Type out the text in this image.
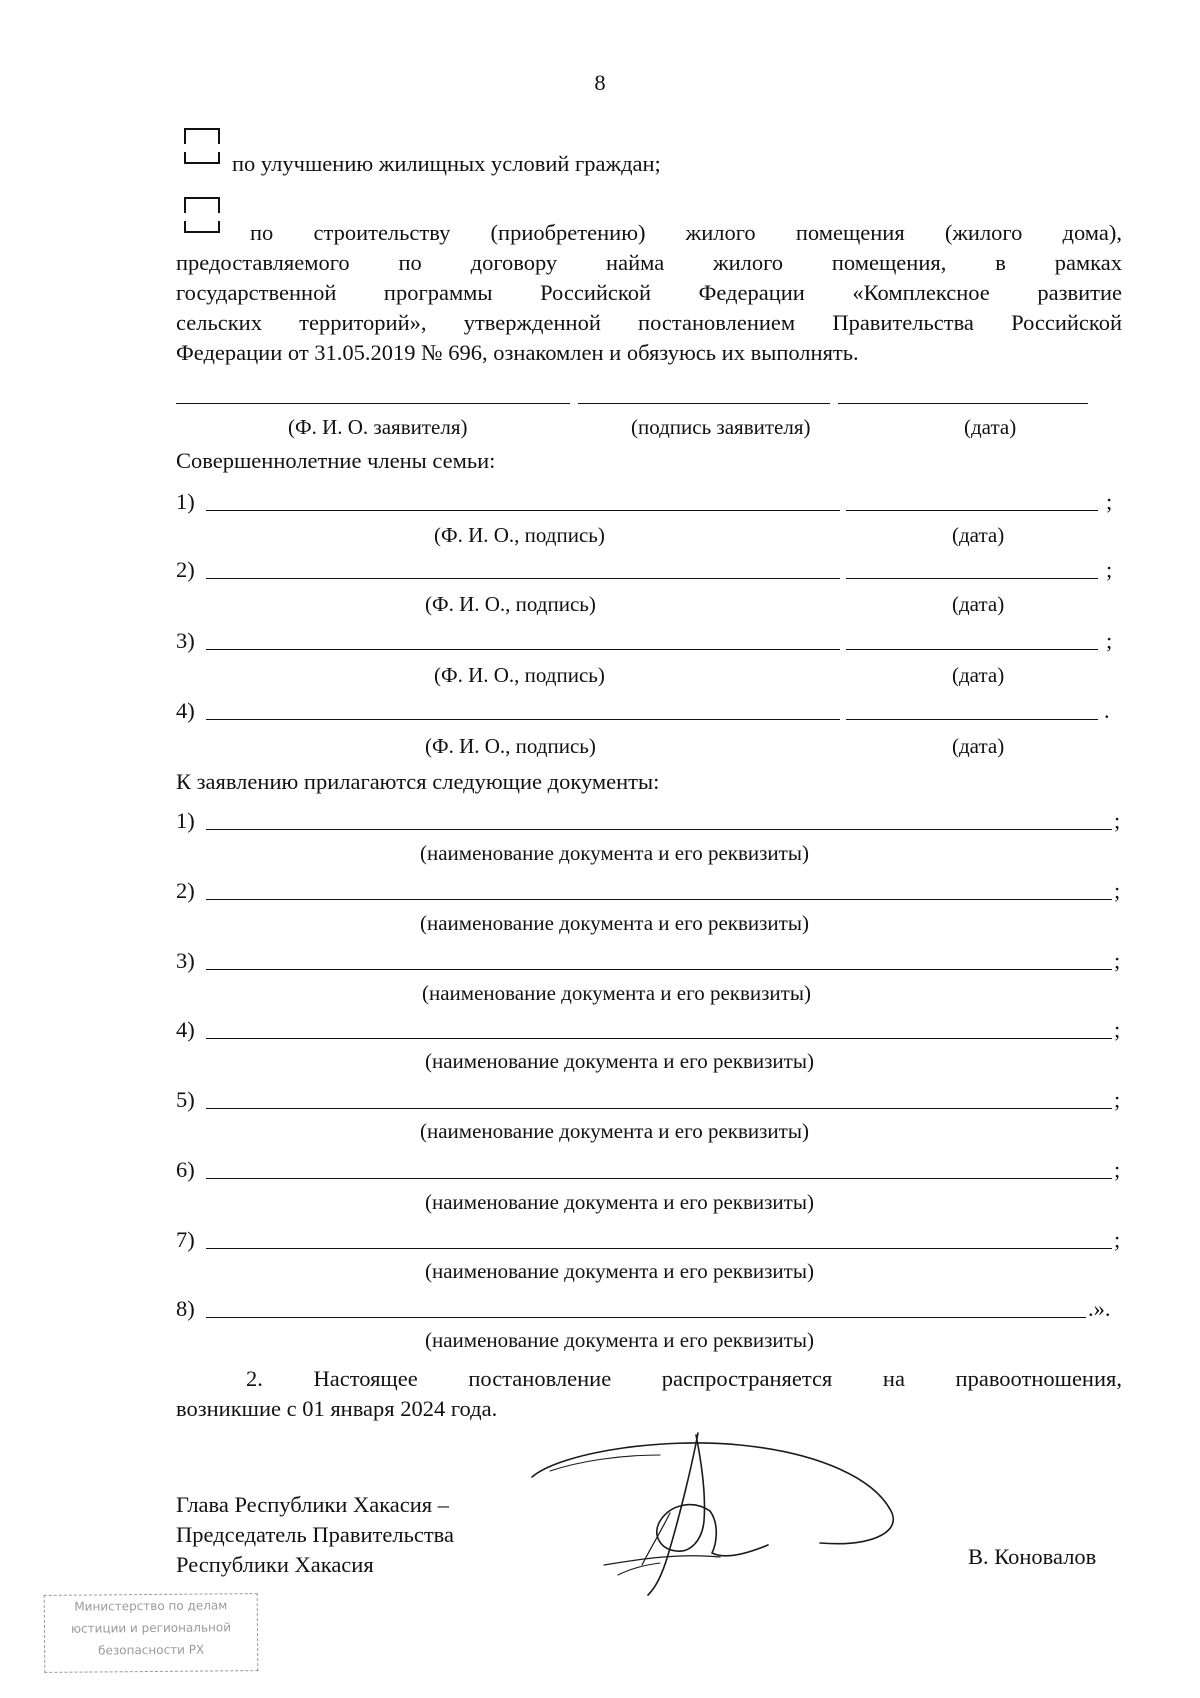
8
по улучшению жилищных условий граждан;
по строительству (приобретению) жилого помещения (жилого дома),
предоставляемого по договору найма жилого помещения, в рамках
государственной программы Российской Федерации «Комплексное развитие
сельских территорий», утвержденной постановлением Правительства Российской
Федерации от 31.05.2019 № 696, ознакомлен и обязуюсь их выполнять.
(Ф. И. О. заявителя)	(подпись заявителя)	(дата)
Совершеннолетние члены семьи:
1)	;
(Ф. И. О., подпись)	(дата)
2)	;
(Ф. И. О., подпись)	(дата)
3)	;
(Ф. И. О., подпись)	(дата)
4)	.
(Ф. И. О., подпись)	(дата)
К заявлению прилагаются следующие документы:
1)	;
(наименование документа и его реквизиты)
2)	;
(наименование документа и его реквизиты)
3)	;
(наименование документа и его реквизиты)
4)	;
(наименование документа и его реквизиты)
5)	;
(наименование документа и его реквизиты)
6)	;
(наименование документа и его реквизиты)
7)	;
(наименование документа и его реквизиты)
8)	.».
(наименование документа и его реквизиты)
2. Настоящее постановление распространяется на правоотношения,
возникшие с 01 января 2024 года.
Глава Республики Хакасия –
Председатель Правительства
Республики Хакасия	В. Коновалов
Министерство по делам
юстиции и региональной
безопасности РХ
